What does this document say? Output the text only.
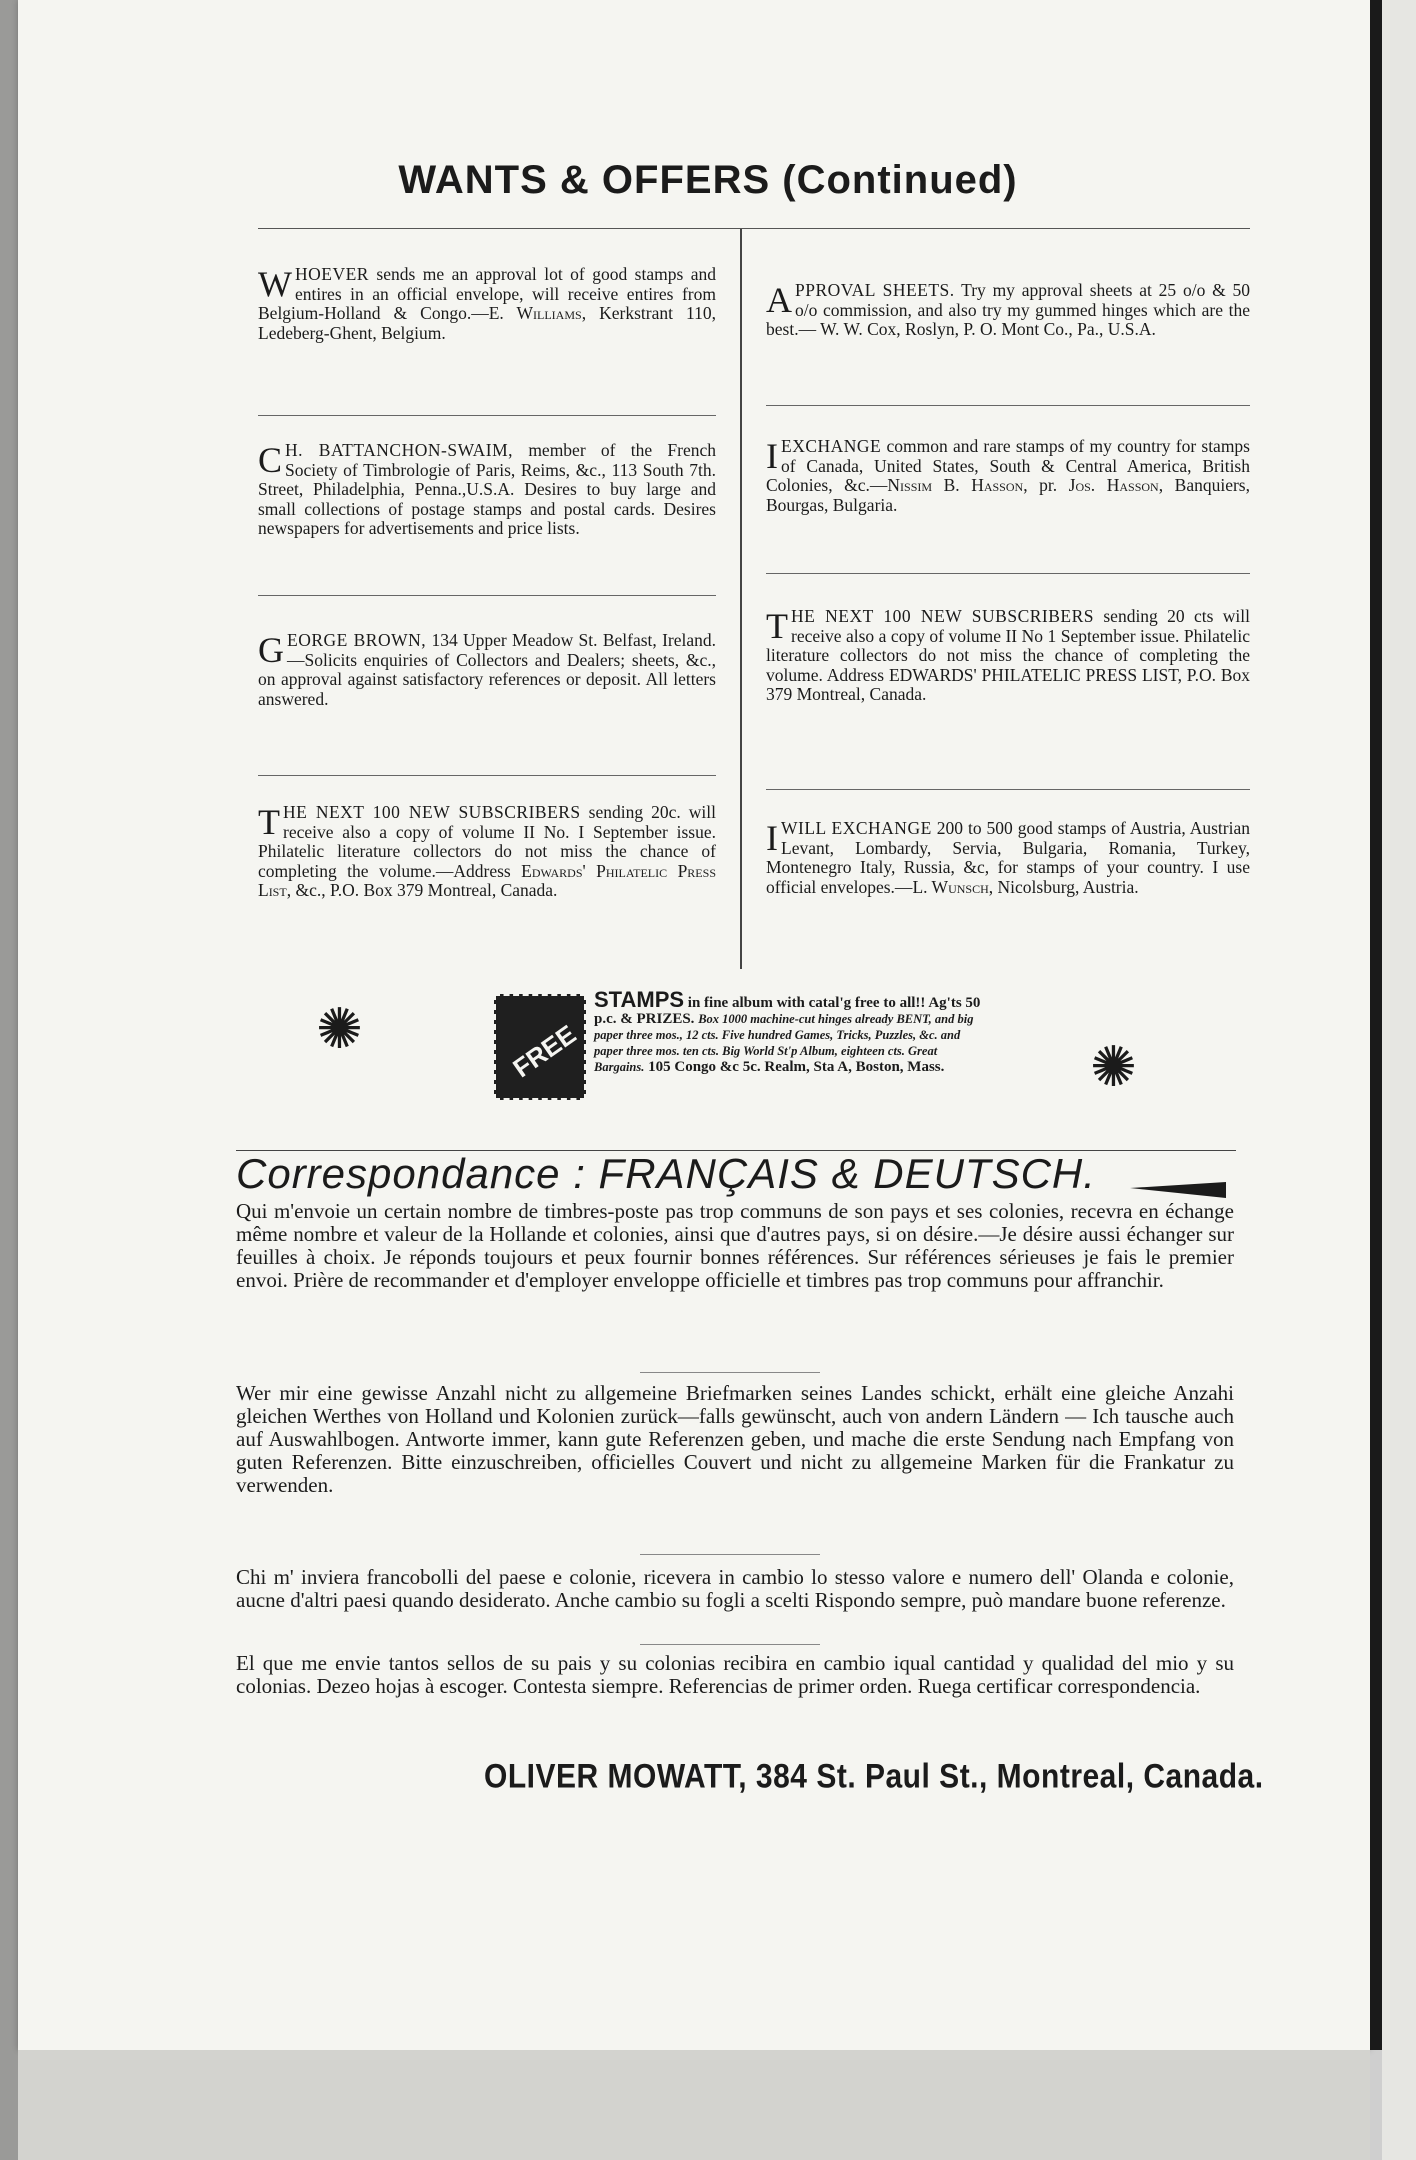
WANTS & OFFERS (Continued)
WHOEVER sends me an approval lot of good stamps and entires in an official envelope, will receive entires from Belgium-Holland & Congo.—E. Williams, Kerkstrant 110, Ledeberg-Ghent, Belgium.
C H. BATTANCHON-SWAIM, member of the French Society of Timbrologie of Paris, Reims, &c., 113 South 7th. Street, Philadelphia, Penna.,U.S.A. Desires to buy large and small collections of postage stamps and postal cards. Desires newspapers for advertisements and price lists.
GEORGE BROWN, 134 Upper Meadow St. Belfast, Ireland.—Solicits enquiries of Collectors and Dealers; sheets, &c., on approval against satisfactory references or deposit. All letters answered.
THE NEXT 100 NEW SUBSCRIBERS sending 20c. will receive also a copy of volume II No. I September issue. Philatelic literature collectors do not miss the chance of completing the volume.—Address Edwards' Philatelic Press List, &c., P.O. Box 379 Montreal, Canada.
APPROVAL SHEETS. Try my approval sheets at 25 o/o & 50 o/o commission, and also try my gummed hinges which are the best.— W. W. Cox, Roslyn, P. O. Mont Co., Pa., U.S.A.
IEXCHANGE common and rare stamps of my country for stamps of Canada, United States, South & Central America, British Colonies, &c.—Nissim B. Hasson, pr. Jos. Hasson, Banquiers, Bourgas, Bulgaria.
THE NEXT 100 NEW SUBSCRIBERS sending 20 cts will receive also a copy of volume II No 1 September issue. Philatelic literature collectors do not miss the chance of completing the volume. Address EDWARDS' PHILATELIC PRESS LIST, P.O. Box 379 Montreal, Canada.
IWILL EXCHANGE 200 to 500 good stamps of Austria, Austrian Levant, Lombardy, Servia, Bulgaria, Romania, Turkey, Montenegro Italy, Russia, &c, for stamps of your country. I use official envelopes.—L. Wunsch, Nicolsburg, Austria.
✺
✺
FREE
STAMPS in fine album with catal'g free to all!! Ag'ts 50 p.c. & PRIZES. Box 1000 machine-cut hinges already BENT, and big paper three mos., 12 cts. Five hundred Games, Tricks, Puzzles, &c. and paper three mos. ten cts. Big World St'p Album, eighteen cts. Great Bargains. 105 Congo &c 5c. Realm, Sta A, Boston, Mass.
Correspondance : FRANÇAIS & DEUTSCH.
Qui m'envoie un certain nombre de timbres-poste pas trop communs de son pays et ses colonies, recevra en échange même nombre et valeur de la Hollande et colonies, ainsi que d'autres pays, si on désire.—Je désire aussi échanger sur feuilles à choix. Je réponds toujours et peux fournir bonnes références. Sur références sérieuses je fais le premier envoi. Prière de recommander et d'employer enveloppe officielle et timbres pas trop communs pour affranchir.
Wer mir eine gewisse Anzahl nicht zu allgemeine Briefmarken seines Landes schickt, erhält eine gleiche Anzahi gleichen Werthes von Holland und Kolonien zurück—falls gewünscht, auch von andern Ländern — Ich tausche auch auf Auswahlbogen. Antworte immer, kann gute Referenzen geben, und mache die erste Sendung nach Empfang von guten Referenzen. Bitte einzuschreiben, officielles Couvert und nicht zu allgemeine Marken für die Frankatur zu verwenden.
Chi m' inviera francobolli del paese e colonie, ricevera in cambio lo stesso valore e numero dell' Olanda e colonie, aucne d'altri paesi quando desiderato. Anche cambio su fogli a scelti Rispondo sempre, può mandare buone referenze.
El que me envie tantos sellos de su pais y su colonias recibira en cambio iqual cantidad y qualidad del mio y su colonias. Dezeo hojas à escoger. Contesta siempre. Referencias de primer orden. Ruega certificar correspondencia.
OLIVER MOWATT, 384 St. Paul St., Montreal, Canada.
